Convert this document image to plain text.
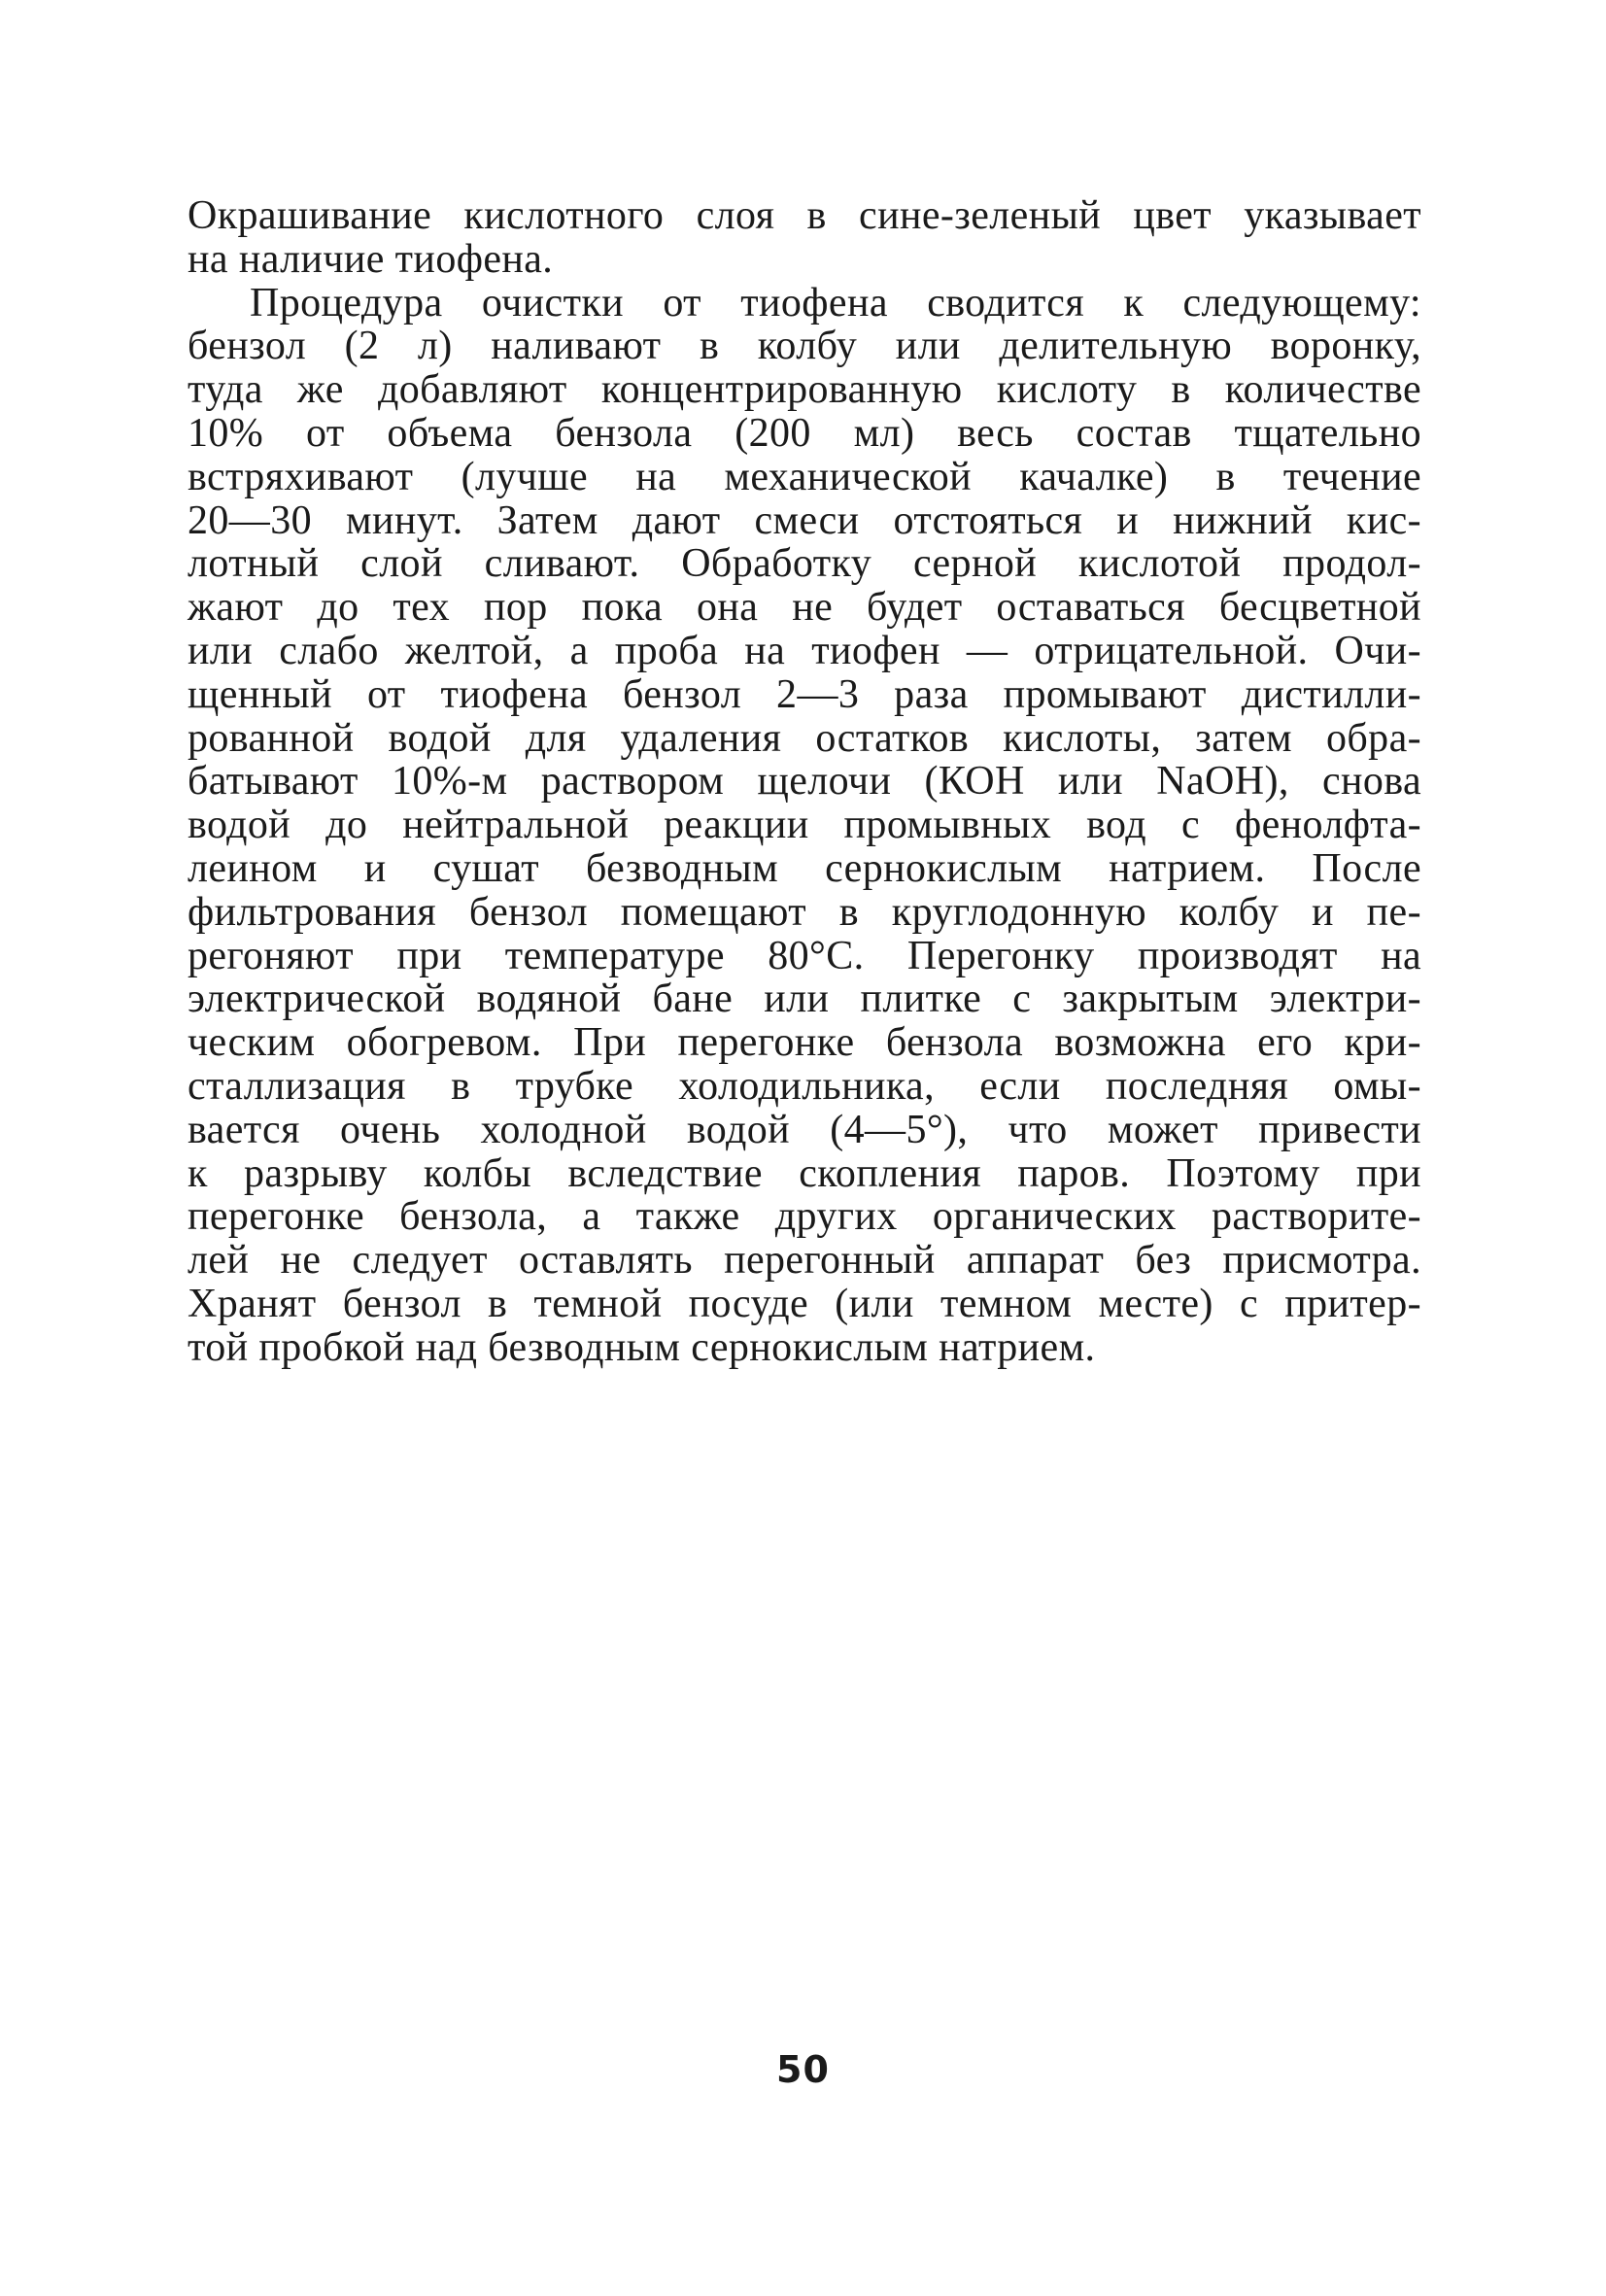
Окрашивание кислотного слоя в сине-зеленый цвет указывает
на наличие тиофена.
Процедура очистки от тиофена сводится к следующему:
бензол (2 л) наливают в колбу или делительную воронку,
туда же добавляют концентрированную кислоту в количестве
10% от объема бензола (200 мл) весь состав тщательно
встряхивают (лучше на механической качалке) в течение
20—30 минут. Затем дают смеси отстояться и нижний кис-
лотный слой сливают. Обработку серной кислотой продол-
жают до тех пор пока она не будет оставаться бесцветной
или слабо желтой, а проба на тиофен — отрицательной. Очи-
щенный от тиофена бензол 2—3 раза промывают дистилли-
рованной водой для удаления остатков кислоты, затем обра-
батывают 10%-м раствором щелочи (КОН или NaOH), снова
водой до нейтральной реакции промывных вод с фенолфта-
леином и сушат безводным сернокислым натрием. После
фильтрования бензол помещают в круглодонную колбу и пе-
регоняют при температуре 80°С. Перегонку производят на
электрической водяной бане или плитке с закрытым электри-
ческим обогревом. При перегонке бензола возможна его кри-
сталлизация в трубке холодильника, если последняя омы-
вается очень холодной водой (4—5°), что может привести
к разрыву колбы вследствие скопления паров. Поэтому при
перегонке бензола, а также других органических растворите-
лей не следует оставлять перегонный аппарат без присмотра.
Хранят бензол в темной посуде (или темном месте) с притер-
той пробкой над безводным сернокислым натрием.
50
